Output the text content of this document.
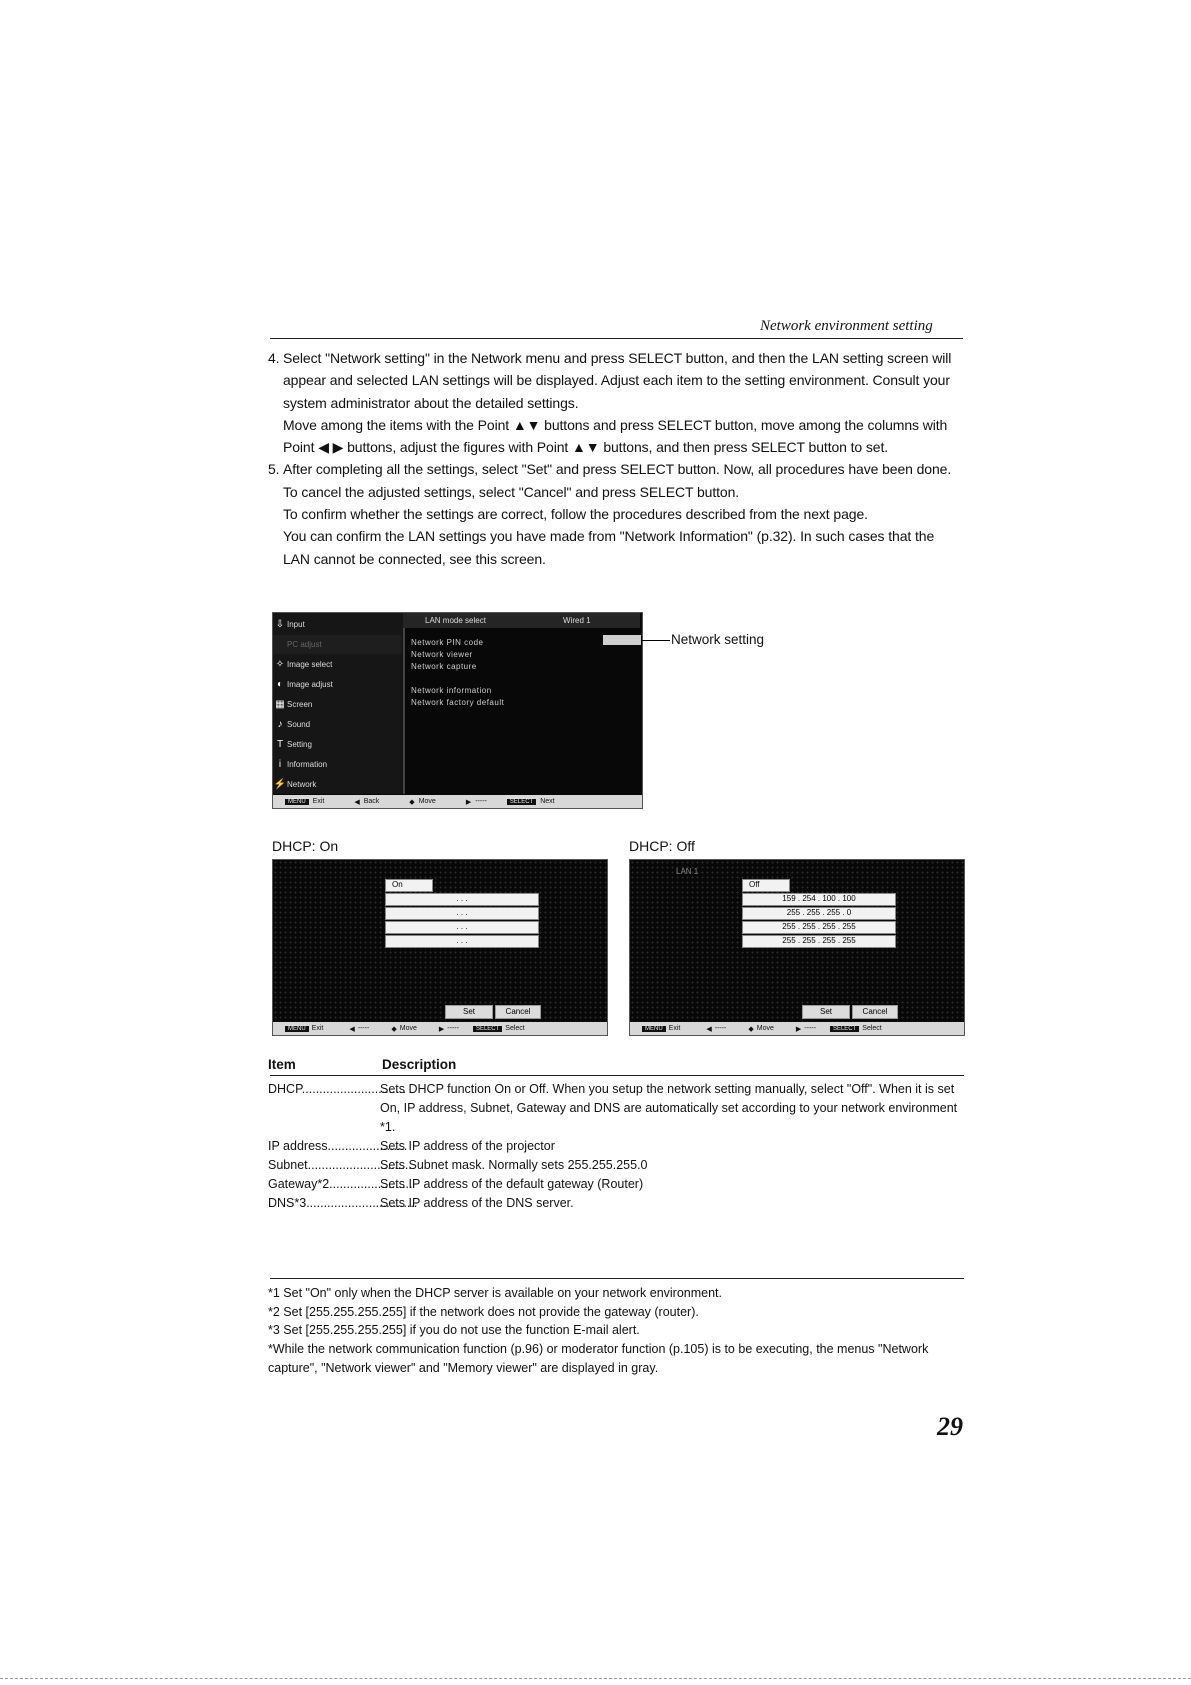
Network environment setting
4. Select "Network setting" in the Network menu and press SELECT button, and then the LAN setting screen will appear and selected LAN settings will be displayed. Adjust each item to the setting environment. Consult your system administrator about the detailed settings.

Move among the items with the Point ▲▼ buttons and press SELECT button, move among the columns with Point ◀ ▶ buttons, adjust the figures with Point ▲▼ buttons, and then press SELECT button to set.

5. After completing all the settings, select "Set" and press SELECT button. Now, all procedures have been done. To cancel the adjusted settings, select "Cancel" and press SELECT button.

To confirm whether the settings are correct, follow the procedures described from the next page.

You can confirm the LAN settings you have made from "Network Information" (p.32). In such cases that the LAN cannot be connected, see this screen.

⇩ Input
PC adjust
✧ Image select
◐ Image adjust
▦ Screen
♪ Sound
T Setting
i Information
⚡ Network
LAN mode select	Wired 1
Network PIN code
Network viewer
Network capture
Network information
Network factory default
MENU	Exit	◀ Back	◆ Move	▶ -----	SELECT	Next
Network setting
DHCP: On	DHCP: Off
On
. . .
. . .
. . .
. . .
Set	Cancel
MENU Exit	◀ -----	◆ Move	▶ -----	SELECT Select
LAN 1
Off
159 . 254 . 100 . 100
255 . 255 . 255 . 0
255 . 255 . 255 . 255
255 . 255 . 255 . 255
Set	Cancel
MENU Exit	◀ -----	◆ Move	▶ -----	SELECT Select
Item	Description
DHCP..............................Sets DHCP function On or Off. When you setup the network setting manually, select "Off". When it is set On, IP address, Subnet, Gateway and DNS are automatically set according to your network environment *1.
IP address.......................Sets IP address of the projector
Subnet..............................Sets Subnet mask. Normally sets 255.255.255.0
Gateway*2........................Sets IP address of the default gateway (Router)
DNS*3................................Sets IP address of the DNS server.

*1 Set "On" only when the DHCP server is available on your network environment.

*2 Set [255.255.255.255] if the network does not provide the gateway (router).

*3 Set [255.255.255.255] if you do not use the function E-mail alert.

*While the network communication function (p.96) or moderator function (p.105) is to be executing, the menus "Network capture", "Network viewer" and "Memory viewer" are displayed in gray.

29
